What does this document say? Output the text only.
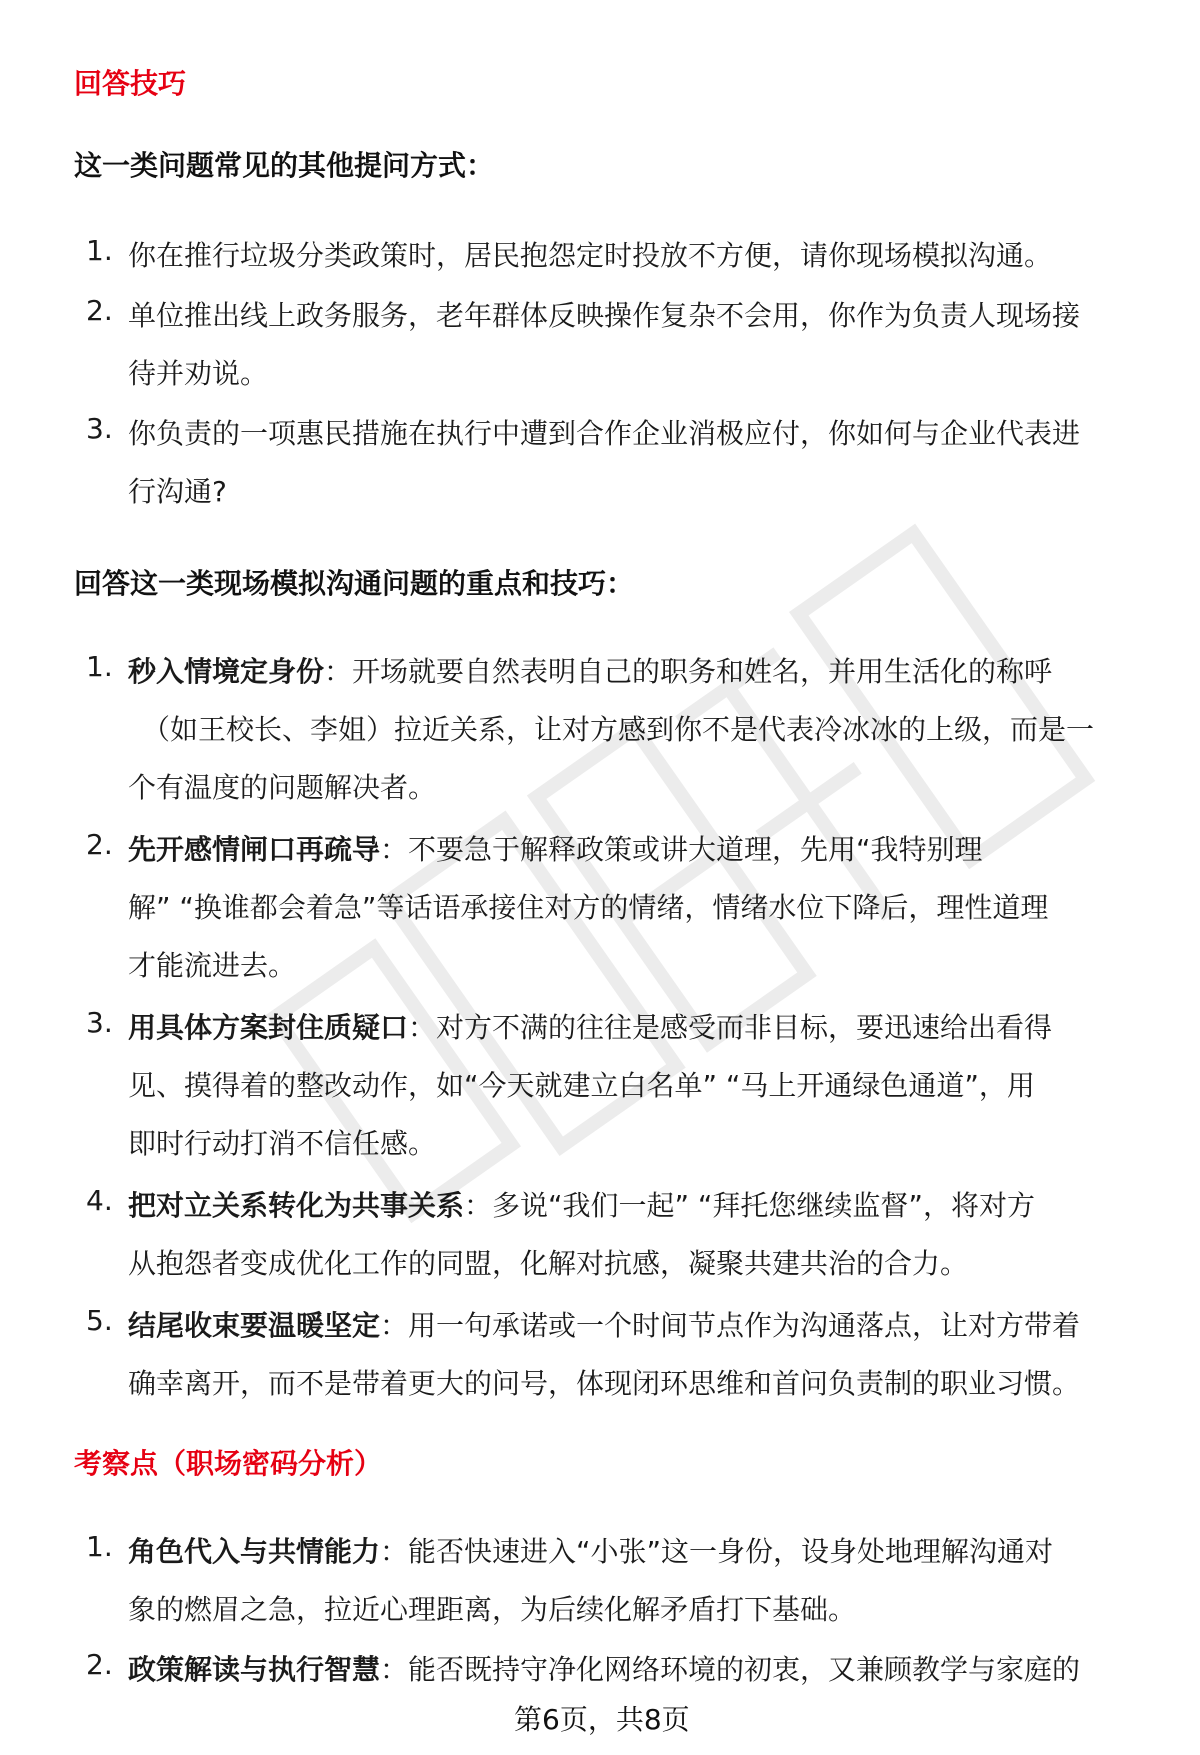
回答技巧
这一类问题常见的其他提问方式：
1. 你在推行垃圾分类政策时，居民抱怨定时投放不方便，请你现场模拟沟通。
2. 单位推出线上政务服务，老年群体反映操作复杂不会用，你作为负责人现场接
待并劝说。
3. 你负责的一项惠民措施在执行中遭到合作企业消极应付，你如何与企业代表进
行沟通?
回答这一类现场模拟沟通问题的重点和技巧：
1. 秒入情境定身份：开场就要自然表明自己的职务和姓名，并用生活化的称呼
（如王校长、李姐）拉近关系，让对方感到你不是代表冷冰冰的上级，而是一
个有温度的问题解决者。
2. 先开感情闸口再疏导：不要急于解释政策或讲大道理，先用“我特别理
解” “换谁都会着急”等话语承接住对方的情绪，情绪水位下降后，理性道理
才能流进去。
3. 用具体方案封住质疑口：对方不满的往往是感受而非目标，要迅速给出看得
见、摸得着的整改动作，如“今天就建立白名单” “马上开通绿色通道”，用
即时行动打消不信任感。
4. 把对立关系转化为共事关系：多说“我们一起” “拜托您继续监督”，将对方
从抱怨者变成优化工作的同盟，化解对抗感，凝聚共建共治的合力。
5. 结尾收束要温暖坚定：用一句承诺或一个时间节点作为沟通落点，让对方带着
确幸离开，而不是带着更大的问号，体现闭环思维和首问负责制的职业习惯。
考察点（职场密码分析）
1. 角色代入与共情能力：能否快速进入“小张”这一身份，设身处地理解沟通对
象的燃眉之急，拉近心理距离，为后续化解矛盾打下基础。
2. 政策解读与执行智慧：能否既持守净化网络环境的初衷，又兼顾教学与家庭的
第6页，共8页
